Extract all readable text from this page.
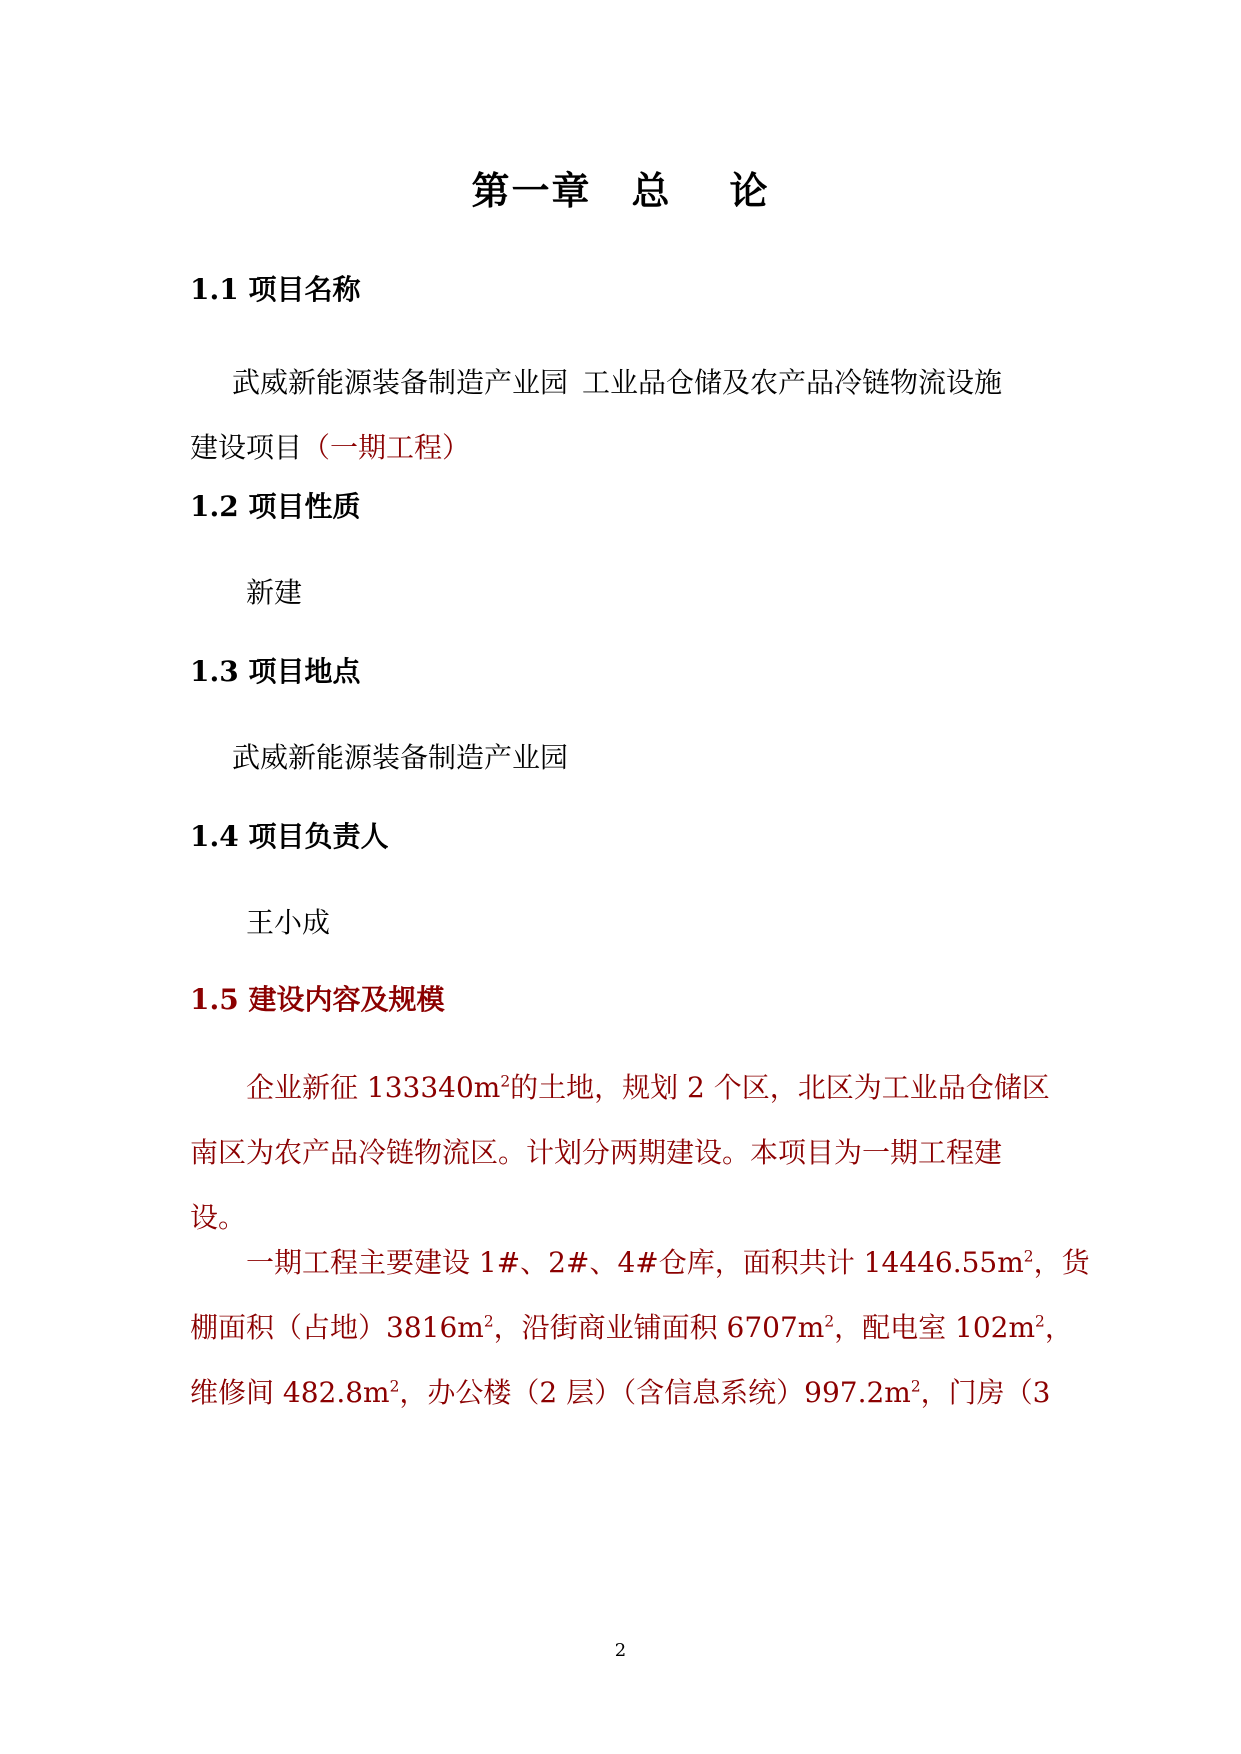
第一章 总 论
1.1 项目名称
武威新能源装备制造产业园 工业品仓储及农产品冷链物流设施
建设项目（一期工程）
1.2 项目性质
新建
1.3 项目地点
武威新能源装备制造产业园
1.4 项目负责人
王小成
1.5 建设内容及规模
企业新征 $133340m^2$的土地，规划 2 个区，北区为工业品仓储区
南区为农产品冷链物流区。计划分两期建设。本项目为一期工程建
设。
一期工程主要建设 1#、2#、4#仓库，面积共计 $14446.55m^2$，货
棚面积（占地）$3816m^2$，沿街商业铺面积 $6707m^2$，配电室 $102m^2$，
维修间 $482.8m^2$，办公楼（2 层）（含信息系统）$997.2m^2$，门房（3
2
